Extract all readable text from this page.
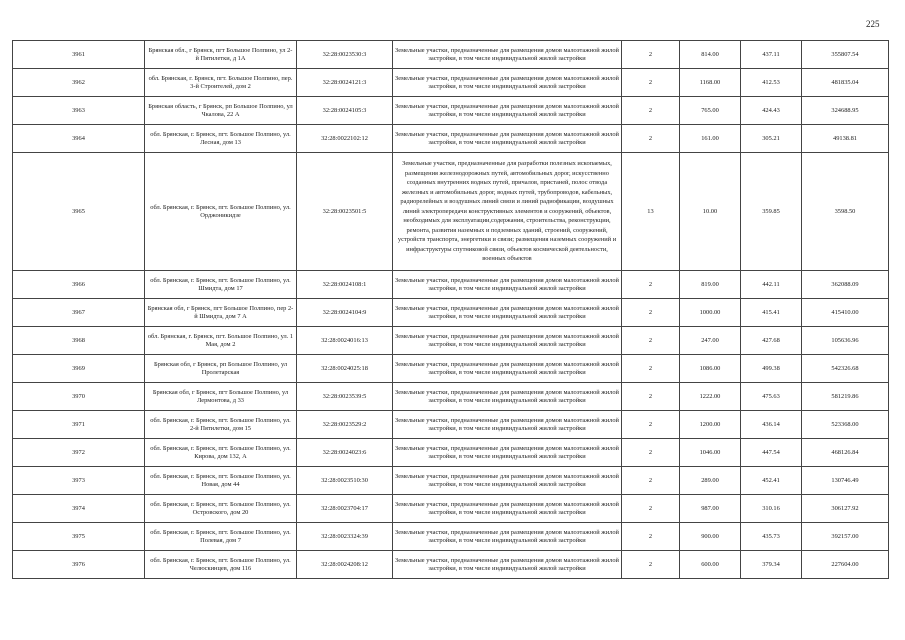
225
3961	Брянская обл., г Брянск, пгт Большое Полпино, ул 2-й Пятилетки, д 1А	32:28:0023530:3	Земельные участки, предназначенные для размещения домов малоэтажной жилой застройки, в том числе индивидуальной жилой застройки	2	814.00	437.11	355807.54
3962	обл. Брянская, г. Брянск, пгт. Большое Полпино, пер. 3-й Строителей, дом 2	32:28:0024121:3	Земельные участки, предназначенные для размещения домов малоэтажной жилой застройки, в том числе индивидуальной жилой застройки	2	1168.00	412.53	481835.04
3963	Брянская область, г Брянск, рп Большое Полпино, ул Чкалова, 22 А	32:28:0024105:3	Земельные участки, предназначенные для размещения домов малоэтажной жилой застройки, в том числе индивидуальной жилой застройки	2	765.00	424.43	324688.95
3964	обл. Брянская, г. Брянск, пгт. Большое Полпино, ул. Лесная, дом 13	32:28:0022102:12	Земельные участки, предназначенные для размещения домов малоэтажной жилой застройки, в том числе индивидуальной жилой застройки	2	161.00	305.21	49138.81
3965	обл. Брянская, г. Брянск, пгт. Большое Полпино, ул. Орджоникидзе	32:28:0023501:5	Земельные участки, предназначенные для разработки полезных ископаемых, размещения железнодорожных путей, автомобильных дорог, искусственно созданных внутренних водных путей, причалов, пристаней, полос отвода железных и автомобильных дорог, водных путей, трубопроводов, кабельных, радиорелейных и воздушных линий связи и линий радиофикации, воздушных линий электропередачи конструктивных элементов и сооружений, объектов, необходимых для эксплуатации,содержания, строительства, реконструкции, ремонта, развития наземных и подземных зданий, строений, сооружений, устройств транспорта, энергетики и связи; размещения наземных сооружений и инфраструктуры спутниковой связи, объектов космической деятельности, военных объектов	13	10.00	359.85	3598.50
3966	обл. Брянская, г. Брянск, пгт. Большое Полпино, ул. Шмидта, дом 17	32:28:0024108:1	Земельные участки, предназначенные для размещения домов малоэтажной жилой застройки, в том числе индивидуальной жилой застройки	2	819.00	442.11	362088.09
3967	Брянская обл, г Брянск, пгт Большое Полпино, пер 2-й Шмидта, дом 7 А	32:28:0024104:9	Земельные участки, предназначенные для размещения домов малоэтажной жилой застройки, в том числе индивидуальной жилой застройки	2	1000.00	415.41	415410.00
3968	обл. Брянская, г. Брянск, пгт. Большое Полпино, ул. 1 Мая, дом 2	32:28:0024016:13	Земельные участки, предназначенные для размещения домов малоэтажной жилой застройки, в том числе индивидуальной жилой застройки	2	247.00	427.68	105636.96
3969	Брянская обл, г Брянск, рп Большое Полпино, ул Пролетарская	32:28:0024025:18	Земельные участки, предназначенные для размещения домов малоэтажной жилой застройки, в том числе индивидуальной жилой застройки	2	1086.00	499.38	542326.68
3970	Брянская обл, г Брянск, пгт Большое Полпино, ул Лермонтова, д 33	32:28:0023539:5	Земельные участки, предназначенные для размещения домов малоэтажной жилой застройки, в том числе индивидуальной жилой застройки	2	1222.00	475.63	581219.86
3971	обл. Брянская, г. Брянск, пгт. Большое Полпино, ул. 2-й Пятилетки, дом 15	32:28:0023529:2	Земельные участки, предназначенные для размещения домов малоэтажной жилой застройки, в том числе индивидуальной жилой застройки	2	1200.00	436.14	523368.00
3972	обл. Брянская, г. Брянск, пгт. Большое Полпино, ул. Кирова, дом 132, А	32:28:0024023:6	Земельные участки, предназначенные для размещения домов малоэтажной жилой застройки, в том числе индивидуальной жилой застройки	2	1046.00	447.54	468126.84
3973	обл. Брянская, г. Брянск, пгт. Большое Полпино, ул. Новая, дом 44	32:28:0023510:30	Земельные участки, предназначенные для размещения домов малоэтажной жилой застройки, в том числе индивидуальной жилой застройки	2	289.00	452.41	130746.49
3974	обл. Брянская, г. Брянск, пгт. Большое Полпино, ул. Островского, дом 20	32:28:0023704:17	Земельные участки, предназначенные для размещения домов малоэтажной жилой застройки, в том числе индивидуальной жилой застройки	2	987.00	310.16	306127.92
3975	обл. Брянская, г. Брянск, пгт. Большое Полпино, ул. Полевая, дом 7	32:28:0023324:39	Земельные участки, предназначенные для размещения домов малоэтажной жилой застройки, в том числе индивидуальной жилой застройки	2	900.00	435.73	392157.00
3976	обл. Брянская, г. Брянск, пгт. Большое Полпино, ул. Челюскинцев, дом 116	32:28:0024208:12	Земельные участки, предназначенные для размещения домов малоэтажной жилой застройки, в том числе индивидуальной жилой застройки	2	600.00	379.34	227604.00
